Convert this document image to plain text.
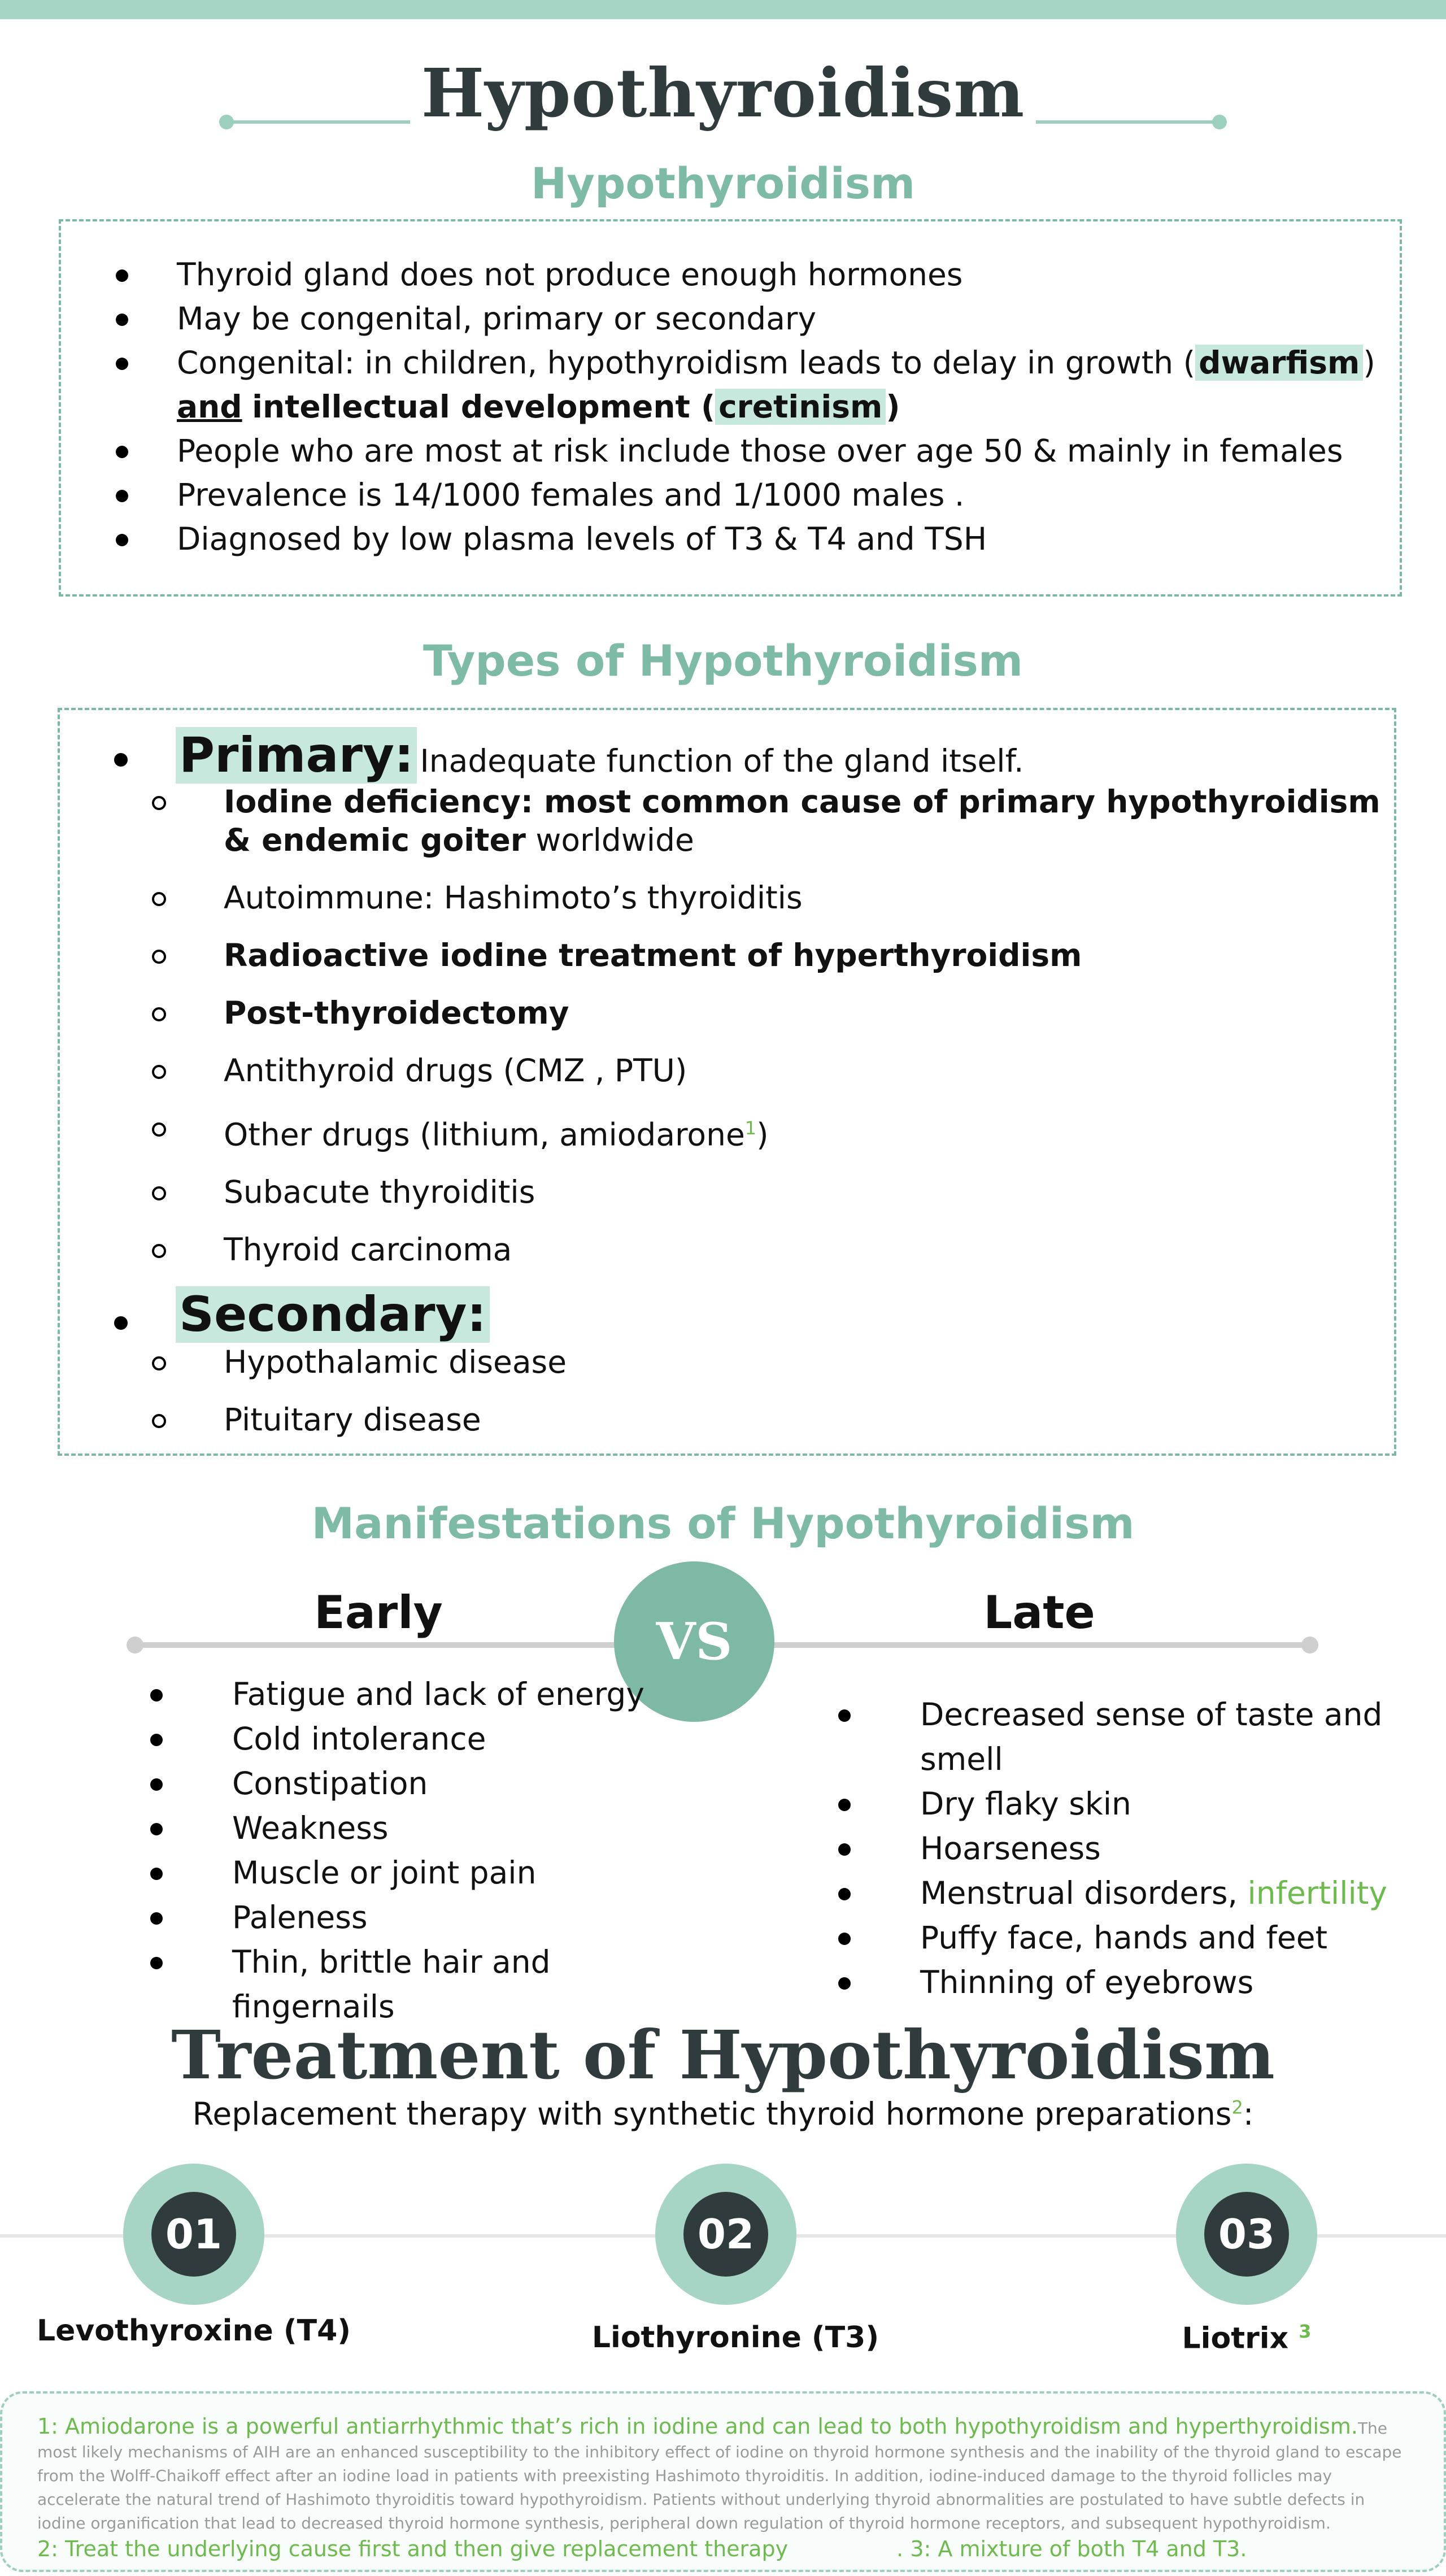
Hypothyroidism
Hypothyroidism
Thyroid gland does not produce enough hormones
May be congenital, primary or secondary
Congenital: in children, hypothyroidism leads to delay in growth ( dwarfism ) and intellectual development ( cretinism )
People who are most at risk include those over age 50 & mainly in females
Prevalence is 14/1000 females and 1/1000 males .
Diagnosed by low plasma levels of T3 & T4 and TSH
Types of Hypothyroidism
Primary: Inadequate function of the gland itself.
Iodine deficiency: most common cause of primary hypothyroidism & endemic goiter worldwide
Autoimmune: Hashimoto’s thyroiditis
Radioactive iodine treatment of hyperthyroidism
Post-thyroidectomy
Antithyroid drugs (CMZ , PTU)
Other drugs (lithium, amiodarone$^1$)
Subacute thyroiditis
Thyroid carcinoma
Secondary:
Hypothalamic disease
Pituitary disease
Manifestations of Hypothyroidism
VS
Early	Late
Fatigue and lack of energy
Cold intolerance
Constipation
Weakness
Muscle or joint pain
Paleness
Thin, brittle hair and fingernails
Decreased sense of taste and smell
Dry flaky skin
Hoarseness
Menstrual disorders, infertility
Puffy face, hands and feet
Thinning of eyebrows
Treatment of Hypothyroidism
Replacement therapy with synthetic thyroid hormone preparations$^2$:
01	02	03
Levothyroxine (T4)	Liothyronine (T3)	Liotrix $^3$
1: Amiodarone is a powerful antiarrhythmic that’s rich in iodine and can lead to both hypothyroidism and hyperthyroidism. The most likely mechanisms of AIH are an enhanced susceptibility to the inhibitory effect of iodine on thyroid hormone synthesis and the inability of the thyroid gland to escape from the Wolff-Chaikoff effect after an iodine load in patients with preexisting Hashimoto thyroiditis. In addition, iodine-induced damage to the thyroid follicles may accelerate the natural trend of Hashimoto thyroiditis toward hypothyroidism. Patients without underlying thyroid abnormalities are postulated to have subtle defects in iodine organification that lead to decreased thyroid hormone synthesis, peripheral down regulation of thyroid hormone receptors, and subsequent hypothyroidism.
2: Treat the underlying cause first and then give replacement therapy	. 3: A mixture of both T4 and T3.
